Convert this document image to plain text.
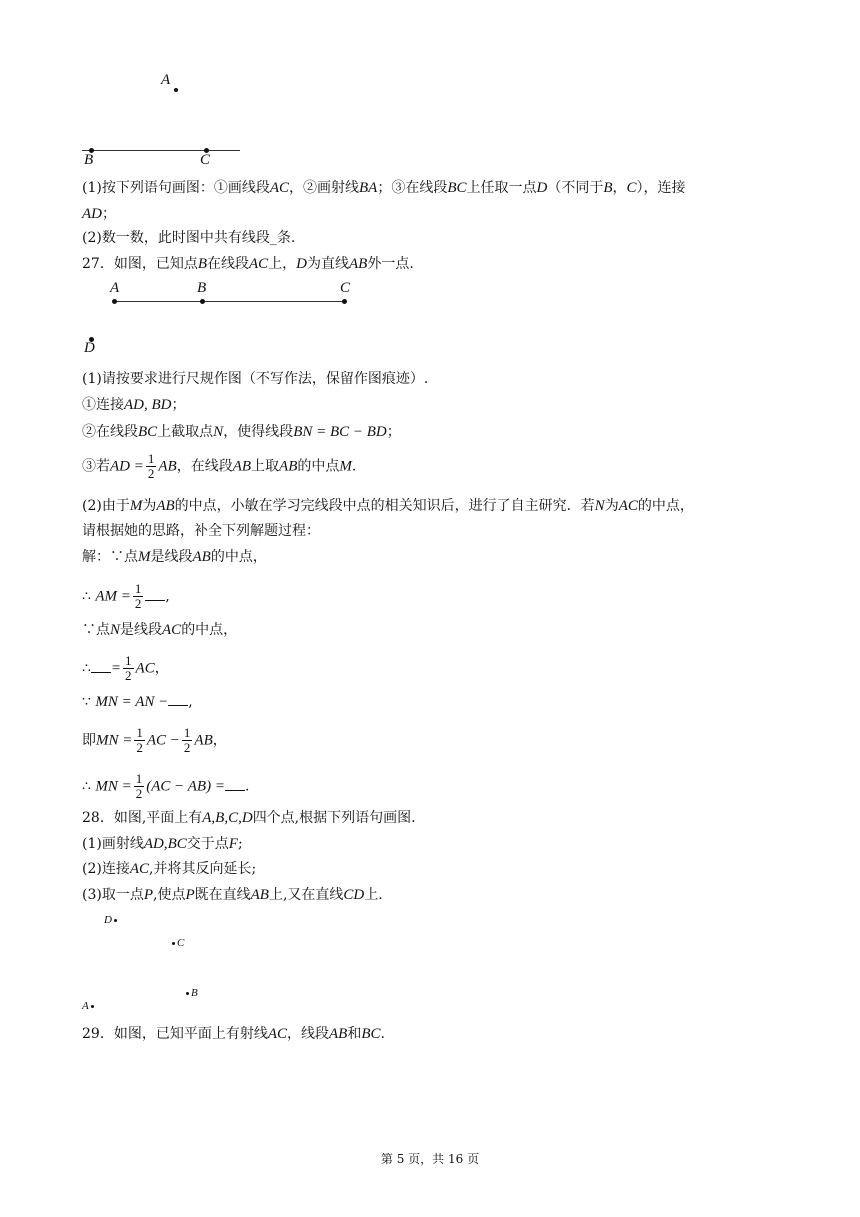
A
B	C
(1)按下列语句画图：①画线段AC，②画射线BA；③在线段BC上任取一点D（不同于B，C），连接
AD；
(2)数一数，此时图中共有线段_条.
27．如图，已知点B在线段AC上，D为直线AB外一点.
A	B	C
D
(1)请按要求进行尺规作图（不写作法，保留作图痕迹）.
①连接AD, BD；
②在线段BC上截取点N，使得线段BN = BC − BD；
③若AD = $\frac{1}{2}$ AB，在线段AB上取AB的中点M.
(2)由于M为AB的中点，小敏在学习完线段中点的相关知识后，进行了自主研究．若N为AC的中点，
请根据她的思路，补全下列解题过程：
解：∵点M是线段AB的中点，
∴ AM = $\frac{1}{2}$ ,
∵点N是线段AC的中点，
∴ = $\frac{1}{2}$ AC，
∵ MN = AN − ,
即MN = $\frac{1}{2}$ AC − $\frac{1}{2}$ AB，
∴ MN = $\frac{1}{2} (AC - AB)$ = .
28．如图,平面上有A,B,C,D四个点,根据下列语句画图.
(1)画射线AD,BC交于点F;
(2)连接AC,并将其反向延长;
(3)取一点P,使点P既在直线AB上,又在直线CD上.
D
C
B
A
29．如图，已知平面上有射线AC，线段AB和BC.
第 5 页，共 16 页
